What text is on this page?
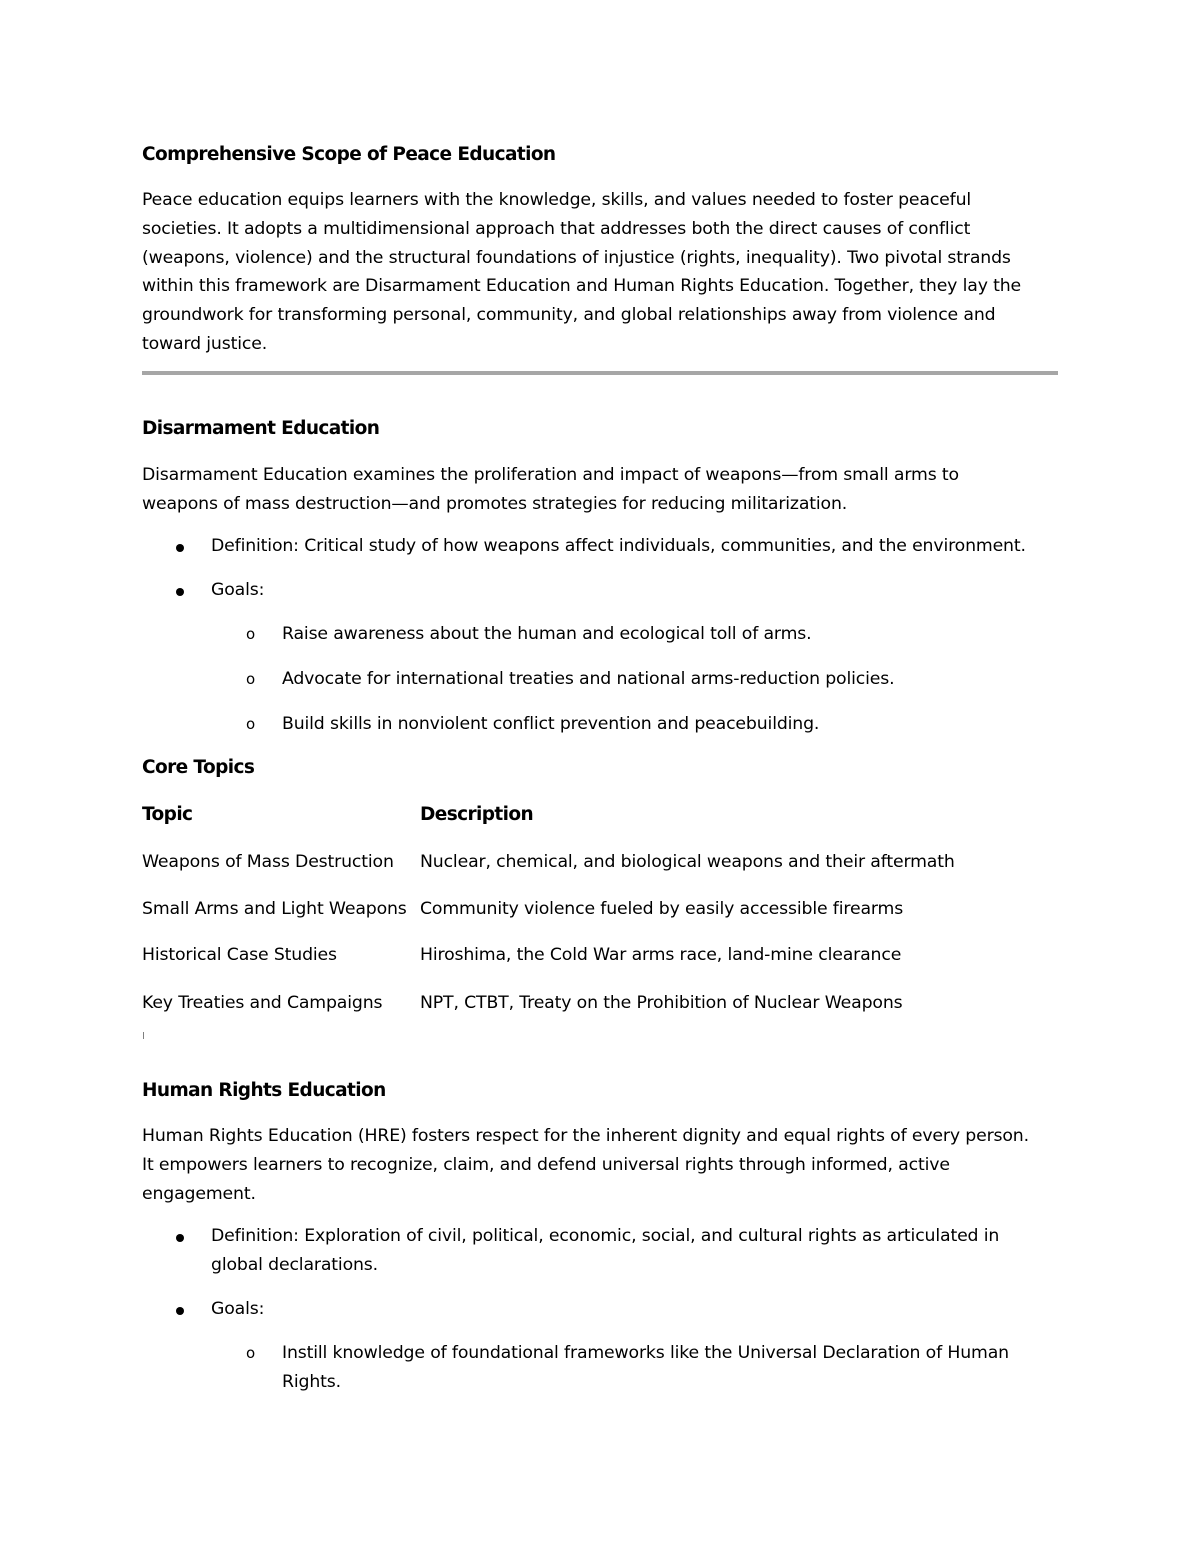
Comprehensive Scope of Peace Education
Peace education equips learners with the knowledge, skills, and values needed to foster peaceful
societies. It adopts a multidimensional approach that addresses both the direct causes of conflict
(weapons, violence) and the structural foundations of injustice (rights, inequality). Two pivotal strands
within this framework are Disarmament Education and Human Rights Education. Together, they lay the
groundwork for transforming personal, community, and global relationships away from violence and
toward justice.
Disarmament Education
Disarmament Education examines the proliferation and impact of weapons—from small arms to
weapons of mass destruction—and promotes strategies for reducing militarization.
Definition: Critical study of how weapons affect individuals, communities, and the environment.
Goals:
o Raise awareness about the human and ecological toll of arms.
o Advocate for international treaties and national arms-reduction policies.
o Build skills in nonviolent conflict prevention and peacebuilding.
Core Topics
Topic	Description
Weapons of Mass Destruction Nuclear, chemical, and biological weapons and their aftermath
Small Arms and Light Weapons Community violence fueled by easily accessible firearms
Historical Case Studies	Hiroshima, the Cold War arms race, land-mine clearance
Key Treaties and Campaigns NPT, CTBT, Treaty on the Prohibition of Nuclear Weapons
Human Rights Education
Human Rights Education (HRE) fosters respect for the inherent dignity and equal rights of every person.
It empowers learners to recognize, claim, and defend universal rights through informed, active
engagement.
Definition: Exploration of civil, political, economic, social, and cultural rights as articulated in
global declarations.
Goals:
o Instill knowledge of foundational frameworks like the Universal Declaration of Human
Rights.
